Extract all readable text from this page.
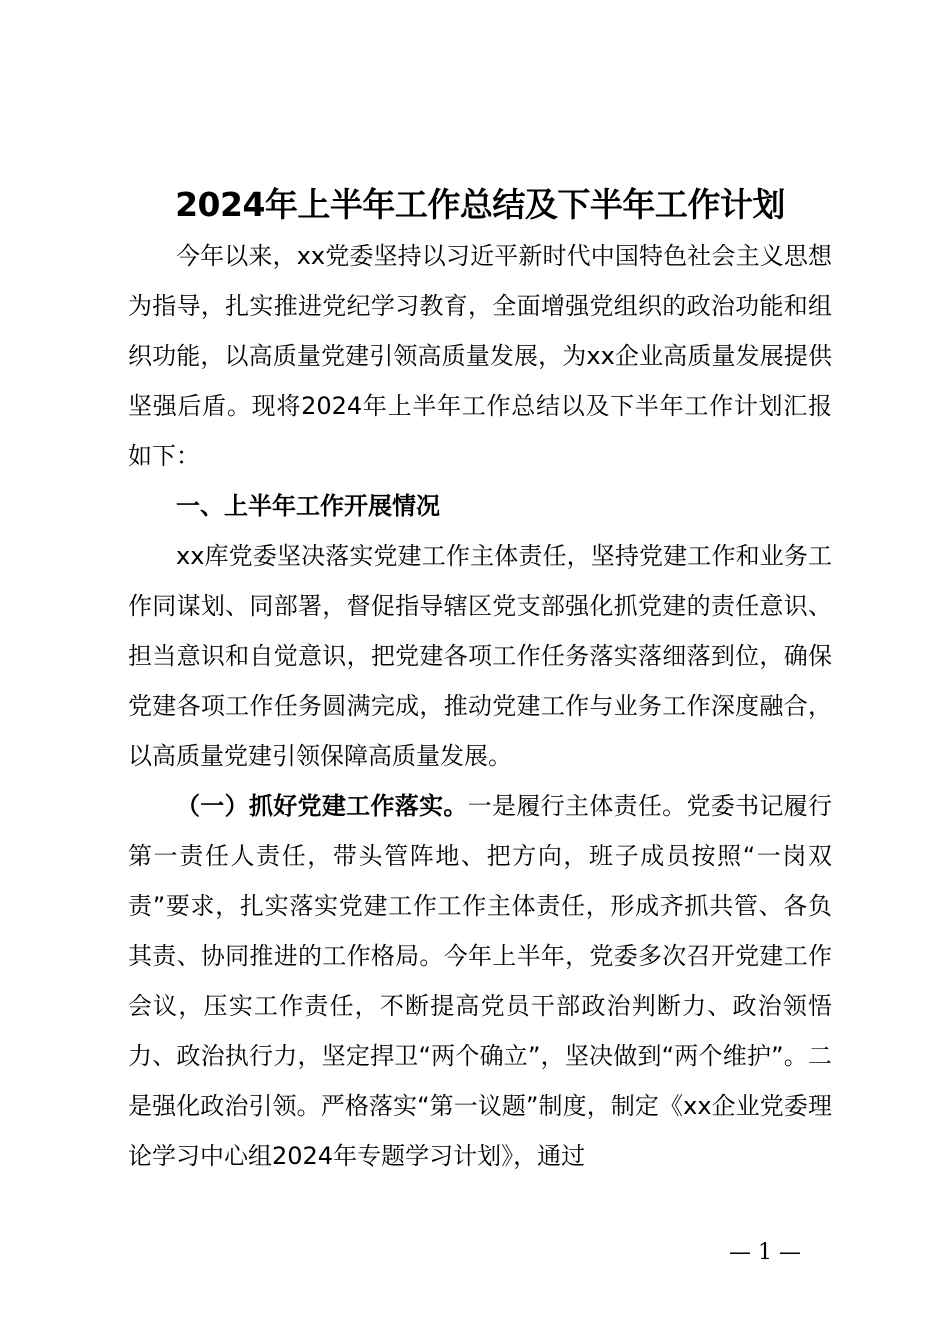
2024年上半年工作总结及下半年工作计划

今年以来，xx党委坚持以习近平新时代中国特色社会主义思想为指导，扎实推进党纪学习教育，全面增强党组织的政治功能和组织功能，以高质量党建引领高质量发展，为xx企业高质量发展提供坚强后盾。现将2024年上半年工作总结以及下半年工作计划汇报如下：

一、上半年工作开展情况

xx库党委坚决落实党建工作主体责任，坚持党建工作和业务工作同谋划、同部署，督促指导辖区党支部强化抓党建的责任意识、担当意识和自觉意识，把党建各项工作任务落实落细落到位，确保党建各项工作任务圆满完成，推动党建工作与业务工作深度融合，以高质量党建引领保障高质量发展。

（一）抓好党建工作落实。一是履行主体责任。党委书记履行第一责任人责任，带头管阵地、把方向，班子成员按照“一岗双责”要求，扎实落实党建工作工作主体责任，形成齐抓共管、各负其责、协同推进的工作格局。今年上半年，党委多次召开党建工作会议，压实工作责任，不断提高党员干部政治判断力、政治领悟力、政治执行力，坚定捍卫“两个确立”，坚决做到“两个维护”。二是强化政治引领。严格落实“第一议题”制度，制定《xx企业党委理论学习中心组2024年专题学习计划》，通过

— 1 —
